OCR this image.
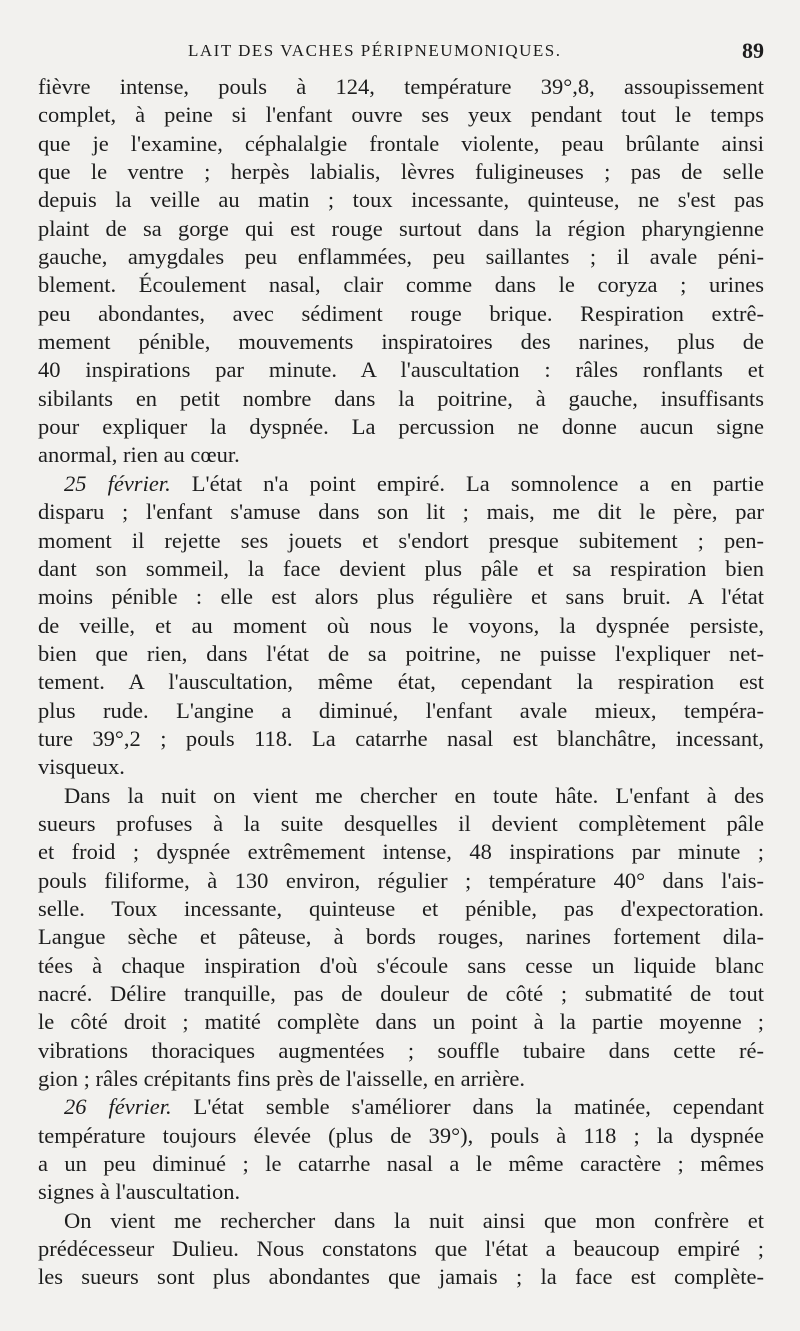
LAIT DES VACHES PÉRIPNEUMONIQUES.	89
fièvre intense, pouls à 124, température 39°,8, assoupissement
complet, à peine si l'enfant ouvre ses yeux pendant tout le temps
que je l'examine, céphalalgie frontale violente, peau brûlante ainsi
que le ventre ; herpès labialis, lèvres fuligineuses ; pas de selle
depuis la veille au matin ; toux incessante, quinteuse, ne s'est pas
plaint de sa gorge qui est rouge surtout dans la région pharyngienne
gauche, amygdales peu enflammées, peu saillantes ; il avale péni-
blement. Écoulement nasal, clair comme dans le coryza ; urines
peu abondantes, avec sédiment rouge brique. Respiration extrê-
mement pénible, mouvements inspiratoires des narines, plus de
40 inspirations par minute. A l'auscultation : râles ronflants et
sibilants en petit nombre dans la poitrine, à gauche, insuffisants
pour expliquer la dyspnée. La percussion ne donne aucun signe
anormal, rien au cœur.
25 février. L'état n'a point empiré. La somnolence a en partie
disparu ; l'enfant s'amuse dans son lit ; mais, me dit le père, par
moment il rejette ses jouets et s'endort presque subitement ; pen-
dant son sommeil, la face devient plus pâle et sa respiration bien
moins pénible : elle est alors plus régulière et sans bruit. A l'état
de veille, et au moment où nous le voyons, la dyspnée persiste,
bien que rien, dans l'état de sa poitrine, ne puisse l'expliquer net-
tement. A l'auscultation, même état, cependant la respiration est
plus rude. L'angine a diminué, l'enfant avale mieux, tempéra-
ture 39°,2 ; pouls 118. La catarrhe nasal est blanchâtre, incessant,
visqueux.
Dans la nuit on vient me chercher en toute hâte. L'enfant à des
sueurs profuses à la suite desquelles il devient complètement pâle
et froid ; dyspnée extrêmement intense, 48 inspirations par minute ;
pouls filiforme, à 130 environ, régulier ; température 40° dans l'ais-
selle. Toux incessante, quinteuse et pénible, pas d'expectoration.
Langue sèche et pâteuse, à bords rouges, narines fortement dila-
tées à chaque inspiration d'où s'écoule sans cesse un liquide blanc
nacré. Délire tranquille, pas de douleur de côté ; submatité de tout
le côté droit ; matité complète dans un point à la partie moyenne ;
vibrations thoraciques augmentées ; souffle tubaire dans cette ré-
gion ; râles crépitants fins près de l'aisselle, en arrière.
26 février. L'état semble s'améliorer dans la matinée, cependant
température toujours élevée (plus de 39°), pouls à 118 ; la dyspnée
a un peu diminué ; le catarrhe nasal a le même caractère ; mêmes
signes à l'auscultation.
On vient me rechercher dans la nuit ainsi que mon confrère et
prédécesseur Dulieu. Nous constatons que l'état a beaucoup empiré ;
les sueurs sont plus abondantes que jamais ; la face est complète-
